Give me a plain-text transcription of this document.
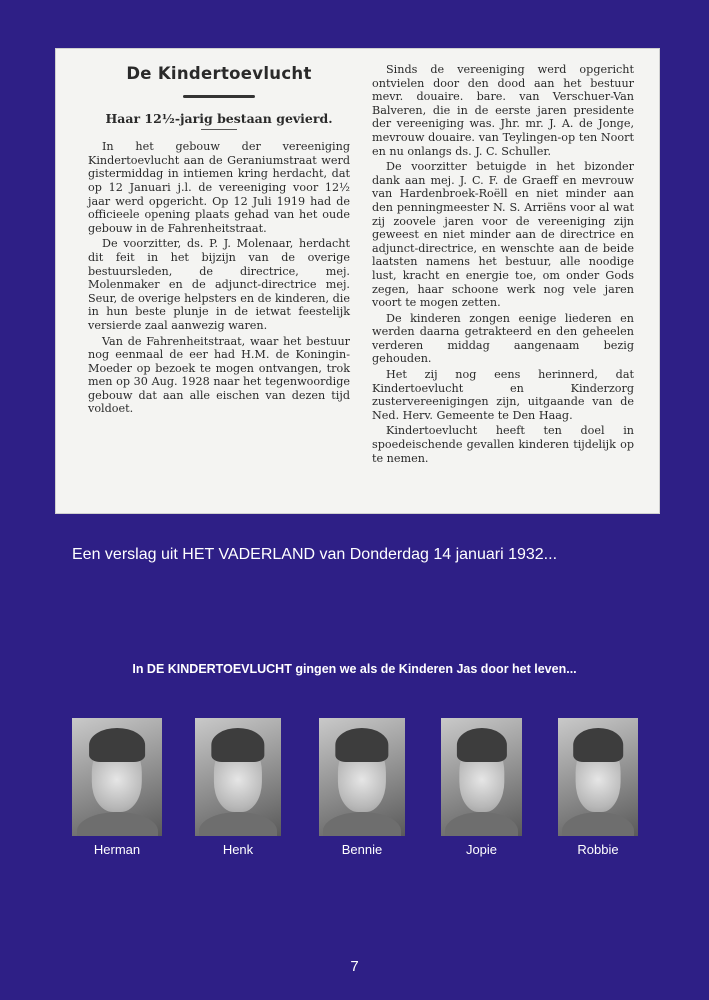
De Kindertoevlucht
Haar 12½-jarig bestaan gevierd.

In het gebouw der vereeniging Kindertoevlucht aan de Geraniumstraat werd gistermiddag in intiemen kring herdacht, dat op 12 Januari j.l. de vereeniging voor 12½ jaar werd opgericht. Op 12 Juli 1919 had de officieele opening plaats gehad van het oude gebouw in de Fahrenheitstraat.

De voorzitter, ds. P. J. Molenaar, herdacht dit feit in het bijzijn van de overige bestuursleden, de directrice, mej. Molenmaker en de adjunct-directrice mej. Seur, de overige helpsters en de kinderen, die in hun beste plunje in de ietwat feestelijk versierde zaal aanwezig waren.

Van de Fahrenheitstraat, waar het bestuur nog eenmaal de eer had H.M. de Koningin-Moeder op bezoek te mogen ontvangen, trok men op 30 Aug. 1928 naar het tegenwoordige gebouw dat aan alle eischen van dezen tijd voldoet.

Sinds de vereeniging werd opgericht ontvielen door den dood aan het bestuur mevr. douaire. bare. van Verschuer-Van Balveren, die in de eerste jaren presidente der vereeniging was. Jhr. mr. J. A. de Jonge, mevrouw douaire. van Teylingen-op ten Noort en nu onlangs ds. J. C. Schuller.

De voorzitter betuigde in het bizonder dank aan mej. J. C. F. de Graeff en mevrouw van Hardenbroek-Roëll en niet minder aan den penningmeester N. S. Arriëns voor al wat zij zoovele jaren voor de vereeniging zijn geweest en niet minder aan de directrice en adjunct-directrice, en wenschte aan de beide laatsten namens het bestuur, alle noodige lust, kracht en energie toe, om onder Gods zegen, haar schoone werk nog vele jaren voort te mogen zetten.

De kinderen zongen eenige liederen en werden daarna getrakteerd en den geheelen verderen middag aangenaam bezig gehouden.

Het zij nog eens herinnerd, dat Kindertoevlucht en Kinderzorg zustervereenigingen zijn, uitgaande van de Ned. Herv. Gemeente te Den Haag.

Kindertoevlucht heeft ten doel in spoedeischende gevallen kinderen tijdelijk op te nemen.

Een verslag uit HET VADERLAND van Donderdag 14 januari 1932...
In DE KINDERTOEVLUCHT gingen we als de Kinderen Jas door het leven...
Herman	Henk	Bennie	Jopie	Robbie
7
